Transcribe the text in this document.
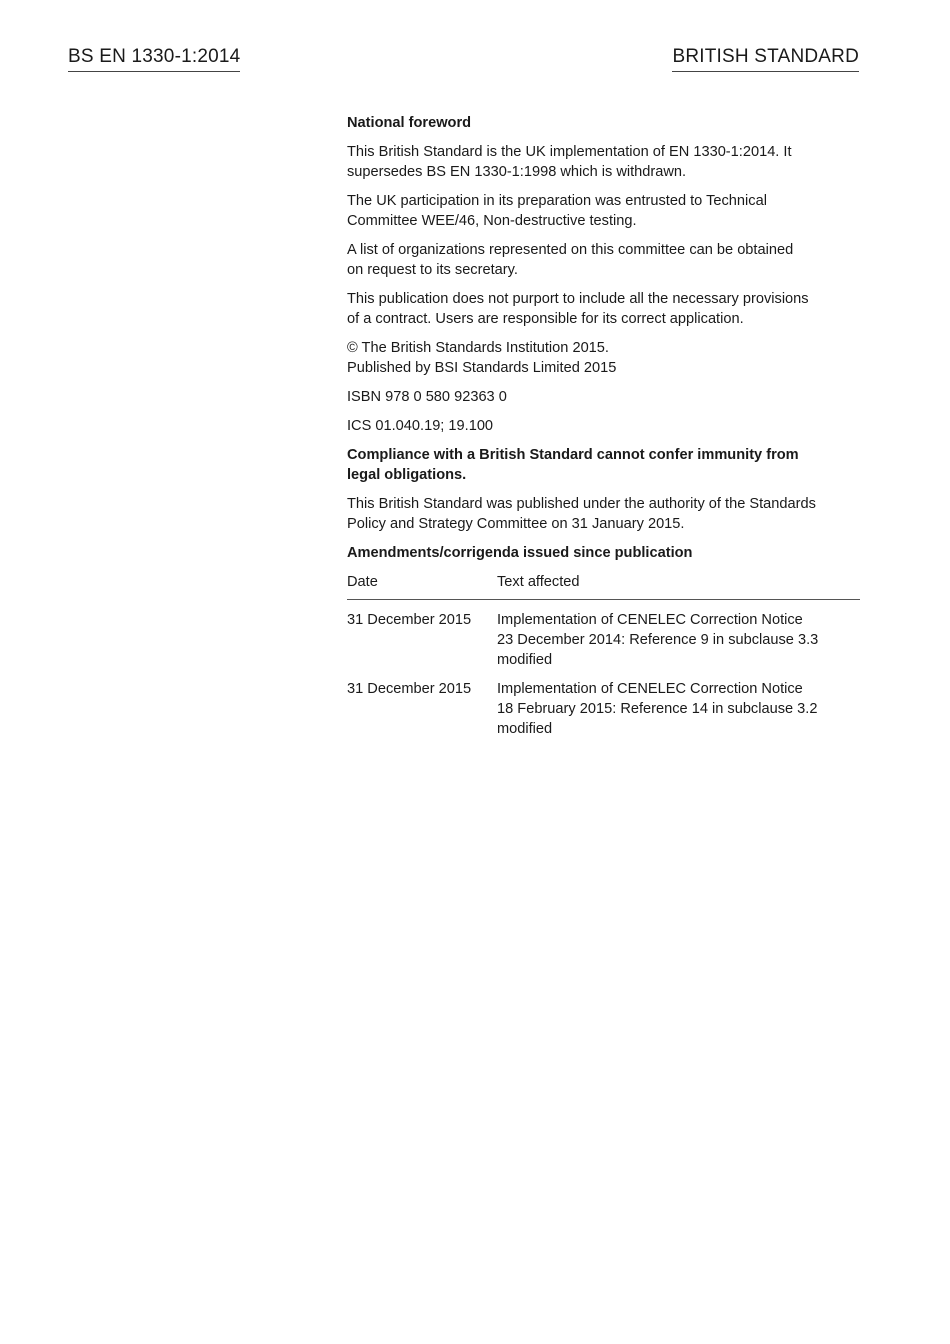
BS EN 1330-1:2014	BRITISH STANDARD
National foreword
This British Standard is the UK implementation of EN 1330-1:2014. It
supersedes BS EN 1330-1:1998 which is withdrawn.
The UK participation in its preparation was entrusted to Technical
Committee WEE/46, Non-destructive testing.
A list of organizations represented on this committee can be obtained
on request to its secretary.
This publication does not purport to include all the necessary provisions
of a contract. Users are responsible for its correct application.
© The British Standards Institution 2015.
Published by BSI Standards Limited 2015
ISBN 978 0 580 92363 0
ICS 01.040.19; 19.100
Compliance with a British Standard cannot confer immunity from
legal obligations.
This British Standard was published under the authority of the Standards
Policy and Strategy Committee on 31 January 2015.
Amendments/corrigenda issued since publication
Date	Text affected
31 December 2015	Implementation of CENELEC Correction Notice
23 December 2014: Reference 9 in subclause 3.3
modified

31 December 2015	Implementation of CENELEC Correction Notice
18 February 2015: Reference 14 in subclause 3.2
modified
